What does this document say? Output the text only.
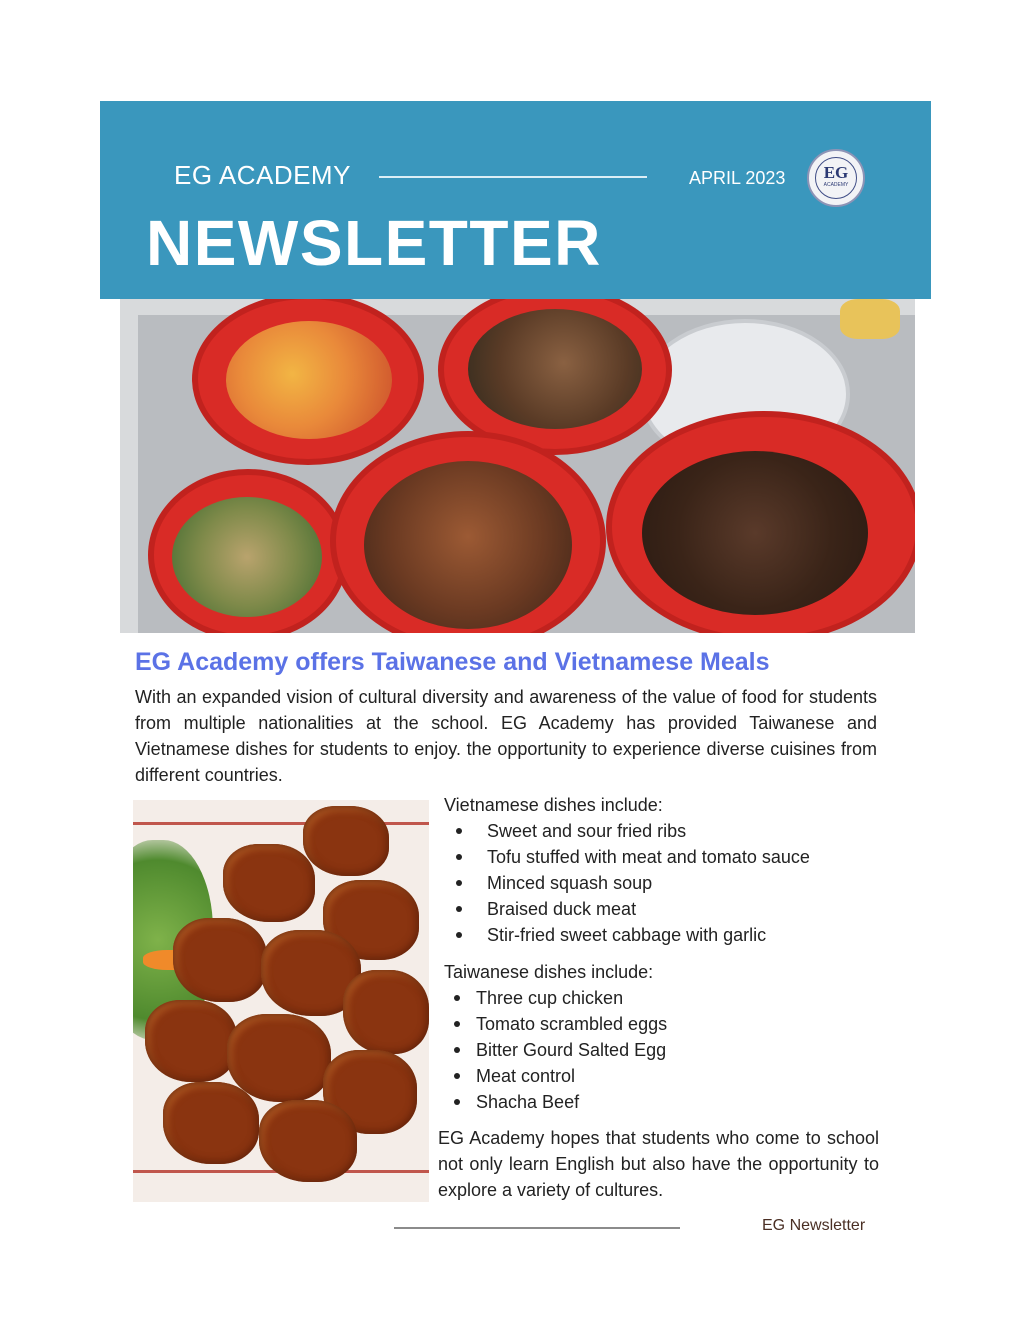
EG ACADEMY	APRIL 2023	EG
ACADEMY
NEWSLETTER
EG Academy offers Taiwanese and Vietnamese Meals
With an expanded vision of cultural diversity and awareness of the value of food for students from multiple nationalities at the school. EG Academy has provided Taiwanese and Vietnamese dishes for students to enjoy. the opportunity to experience diverse cuisines from different countries.
Vietnamese dishes include:
Sweet and sour fried ribs
Tofu stuffed with meat and tomato sauce
Minced squash soup
Braised duck meat
Stir-fried sweet cabbage with garlic
Taiwanese dishes include:
Three cup chicken
Tomato scrambled eggs
Bitter Gourd Salted Egg
Meat control
Shacha Beef
EG Academy hopes that students who come to school not only learn English but also have the opportunity to explore a variety of cultures.
EG Newsletter
